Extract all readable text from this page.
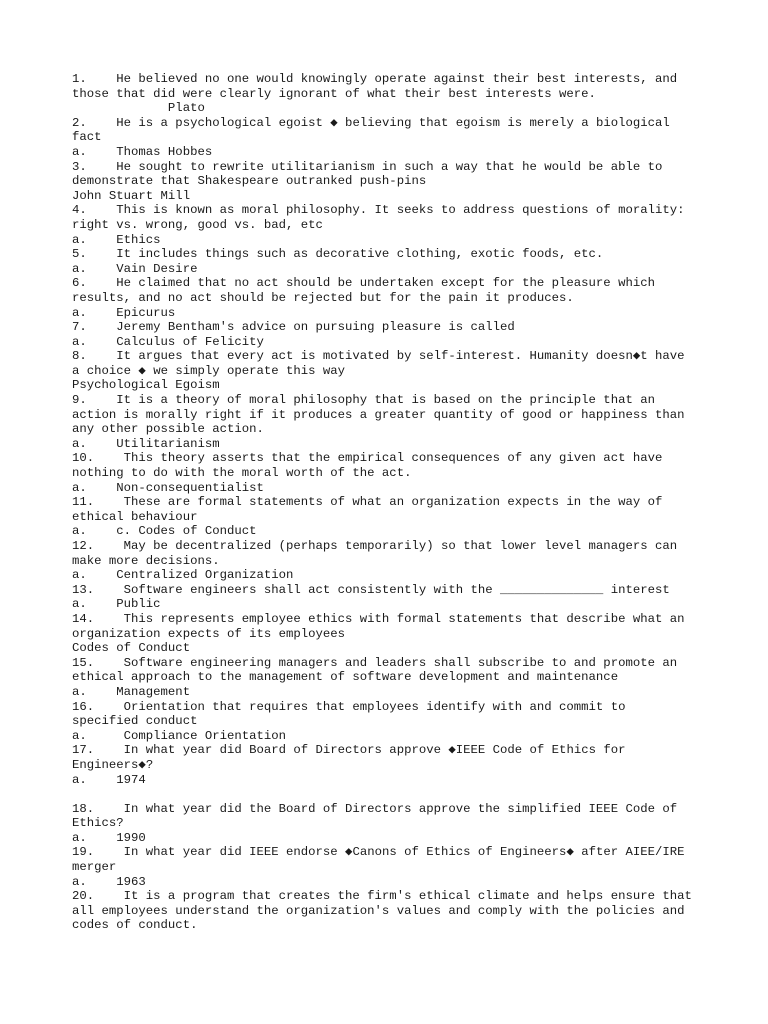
1.    He believed no one would knowingly operate against their best interests, and
those that did were clearly ignorant of what their best interests were.
Plato
2.    He is a psychological egoist ◆ believing that egoism is merely a biological
fact
a.    Thomas Hobbes
3.    He sought to rewrite utilitarianism in such a way that he would be able to
demonstrate that Shakespeare outranked push-pins
John Stuart Mill
4.    This is known as moral philosophy. It seeks to address questions of morality:
right vs. wrong, good vs. bad, etc
a.    Ethics
5.    It includes things such as decorative clothing, exotic foods, etc.
a.    Vain Desire
6.    He claimed that no act should be undertaken except for the pleasure which
results, and no act should be rejected but for the pain it produces.
a.    Epicurus
7.    Jeremy Bentham's advice on pursuing pleasure is called
a.    Calculus of Felicity
8.    It argues that every act is motivated by self-interest. Humanity doesn◆t have
a choice ◆ we simply operate this way
Psychological Egoism
9.    It is a theory of moral philosophy that is based on the principle that an
action is morally right if it produces a greater quantity of good or happiness than
any other possible action.
a.    Utilitarianism
10.    This theory asserts that the empirical consequences of any given act have
nothing to do with the moral worth of the act.
a.    Non-consequentialist
11.    These are formal statements of what an organization expects in the way of
ethical behaviour
a.    c. Codes of Conduct
12.    May be decentralized (perhaps temporarily) so that lower level managers can
make more decisions.
a.    Centralized Organization
13.    Software engineers shall act consistently with the ______________ interest
a.    Public
14.    This represents employee ethics with formal statements that describe what an
organization expects of its employees
Codes of Conduct
15.    Software engineering managers and leaders shall subscribe to and promote an
ethical approach to the management of software development and maintenance
a.    Management
16.    Orientation that requires that employees identify with and commit to
specified conduct
a.     Compliance Orientation
17.    In what year did Board of Directors approve ◆IEEE Code of Ethics for
Engineers◆?
a.    1974
18.    In what year did the Board of Directors approve the simplified IEEE Code of
Ethics?
a.    1990
19.    In what year did IEEE endorse ◆Canons of Ethics of Engineers◆ after AIEE/IRE
merger
a.    1963
20.    It is a program that creates the firm's ethical climate and helps ensure that
all employees understand the organization's values and comply with the policies and
codes of conduct.
